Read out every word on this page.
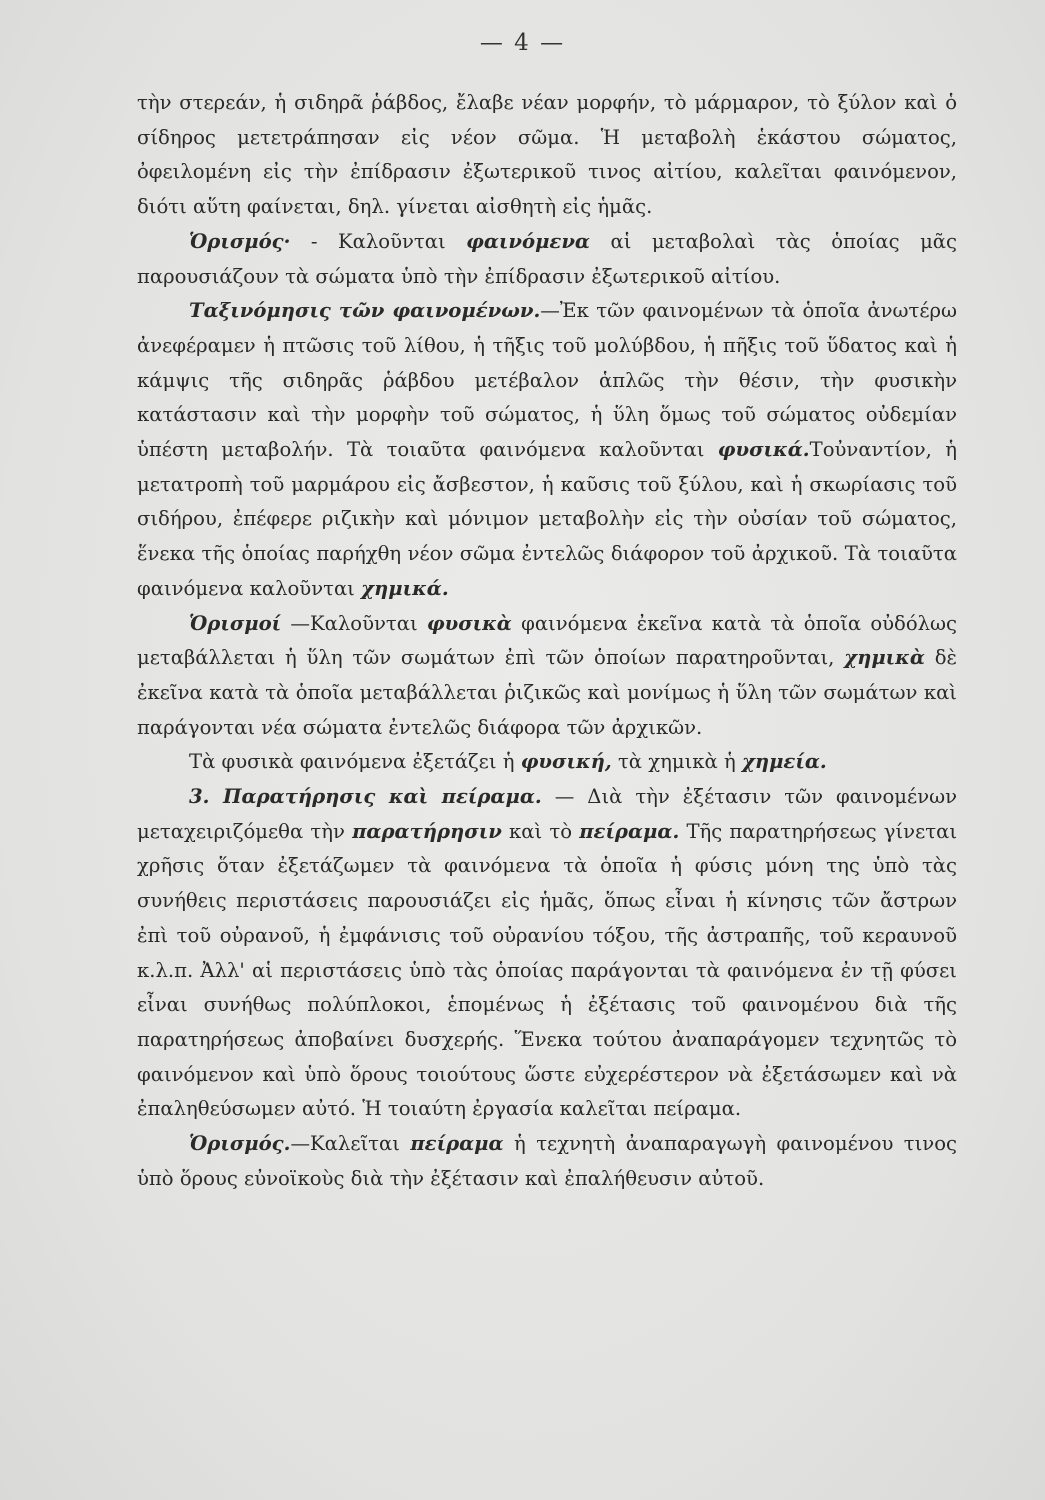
— 4 —

τὴν στερεάν, ἡ σιδηρᾶ ῥάβδος, ἔλαβε νέαν μορφήν, τὸ μάρμαρον, τὸ ξύλον καὶ ὁ σίδηρος μετετράπησαν εἰς νέον σῶμα. Ἡ μεταβολὴ ἑκάστου σώματος, ὀφειλομένη εἰς τὴν ἐπίδρασιν ἐξωτερικοῦ τινος αἰτίου, καλεῖται φαινόμενον, διότι αὕτη φαίνεται, δηλ. γίνεται αἰσθητὴ εἰς ἡμᾶς.

Ὁρισμός· - Καλοῦνται φαινόμενα αἱ μεταβολαὶ τὰς ὁποίας μᾶς παρουσιάζουν τὰ σώματα ὑπὸ τὴν ἐπίδρασιν ἐξωτερικοῦ αἰτίου.

Ταξινόμησις τῶν φαινομένων.—Ἐκ τῶν φαινομένων τὰ ὁποῖα ἀνωτέρω ἀνεφέραμεν ἡ πτῶσις τοῦ λίθου, ἡ τῆξις τοῦ μολύβδου, ἡ πῆξις τοῦ ὕδατος καὶ ἡ κάμψις τῆς σιδηρᾶς ῥάβδου μετέβαλον ἁπλῶς τὴν θέσιν, τὴν φυσικὴν κατάστασιν καὶ τὴν μορφὴν τοῦ σώματος, ἡ ὕλη ὅμως τοῦ σώματος οὐδεμίαν ὑπέστη μεταβολήν. Τὰ τοιαῦτα φαινόμενα καλοῦνται φυσικά.Τοὐναντίον, ἡ μετατροπὴ τοῦ μαρμάρου εἰς ἄσβεστον, ἡ καῦσις τοῦ ξύλου, καὶ ἡ σκωρίασις τοῦ σιδήρου, ἐπέφερε ριζικὴν καὶ μόνιμον μεταβολὴν εἰς τὴν οὐσίαν τοῦ σώματος, ἕνεκα τῆς ὁποίας παρήχθη νέον σῶμα ἐντελῶς διάφορον τοῦ ἀρχικοῦ. Τὰ τοιαῦτα φαινόμενα καλοῦνται χημικά.

Ὁρισμοί —Καλοῦνται φυσικὰ φαινόμενα ἐκεῖνα κατὰ τὰ ὁποῖα οὐδόλως μεταβάλλεται ἡ ὕλη τῶν σωμάτων ἐπὶ τῶν ὁποίων παρατηροῦνται, χημικὰ δὲ ἐκεῖνα κατὰ τὰ ὁποῖα μεταβάλλεται ῥιζικῶς καὶ μονίμως ἡ ὕλη τῶν σωμάτων καὶ παράγονται νέα σώματα ἐντελῶς διάφορα τῶν ἀρχικῶν.

Τὰ φυσικὰ φαινόμενα ἐξετάζει ἡ φυσική, τὰ χημικὰ ἡ χημεία.

3. Παρατήρησις καὶ πείραμα. — Διὰ τὴν ἐξέτασιν τῶν φαινομένων μεταχειριζόμεθα τὴν παρατήρησιν καὶ τὸ πείραμα. Τῆς παρατηρήσεως γίνεται χρῆσις ὅταν ἐξετάζωμεν τὰ φαινόμενα τὰ ὁποῖα ἡ φύσις μόνη της ὑπὸ τὰς συνήθεις περιστάσεις παρουσιάζει εἰς ἡμᾶς, ὅπως εἶναι ἡ κίνησις τῶν ἄστρων ἐπὶ τοῦ οὐρανοῦ, ἡ ἐμφάνισις τοῦ οὐρανίου τόξου, τῆς ἀστραπῆς, τοῦ κεραυνοῦ κ.λ.π. Ἀλλ' αἱ περιστάσεις ὑπὸ τὰς ὁποίας παράγονται τὰ φαινόμενα ἐν τῇ φύσει εἶναι συνήθως πολύπλοκοι, ἑπομένως ἡ ἐξέτασις τοῦ φαινομένου διὰ τῆς παρατηρήσεως ἀποβαίνει δυσχερής. Ἕνεκα τούτου ἀναπαράγομεν τεχνητῶς τὸ φαινόμενον καὶ ὑπὸ ὅρους τοιούτους ὥστε εὐχερέστερον νὰ ἐξετάσωμεν καὶ νὰ ἐπαληθεύσωμεν αὐτό. Ἡ τοιαύτη ἐργασία καλεῖται πείραμα.

Ὁρισμός.—Καλεῖται πείραμα ἡ τεχνητὴ ἀναπαραγωγὴ φαινομένου τινος ὑπὸ ὅρους εὐνοϊκοὺς διὰ τὴν ἐξέτασιν καὶ ἐπαλήθευσιν αὐτοῦ.
